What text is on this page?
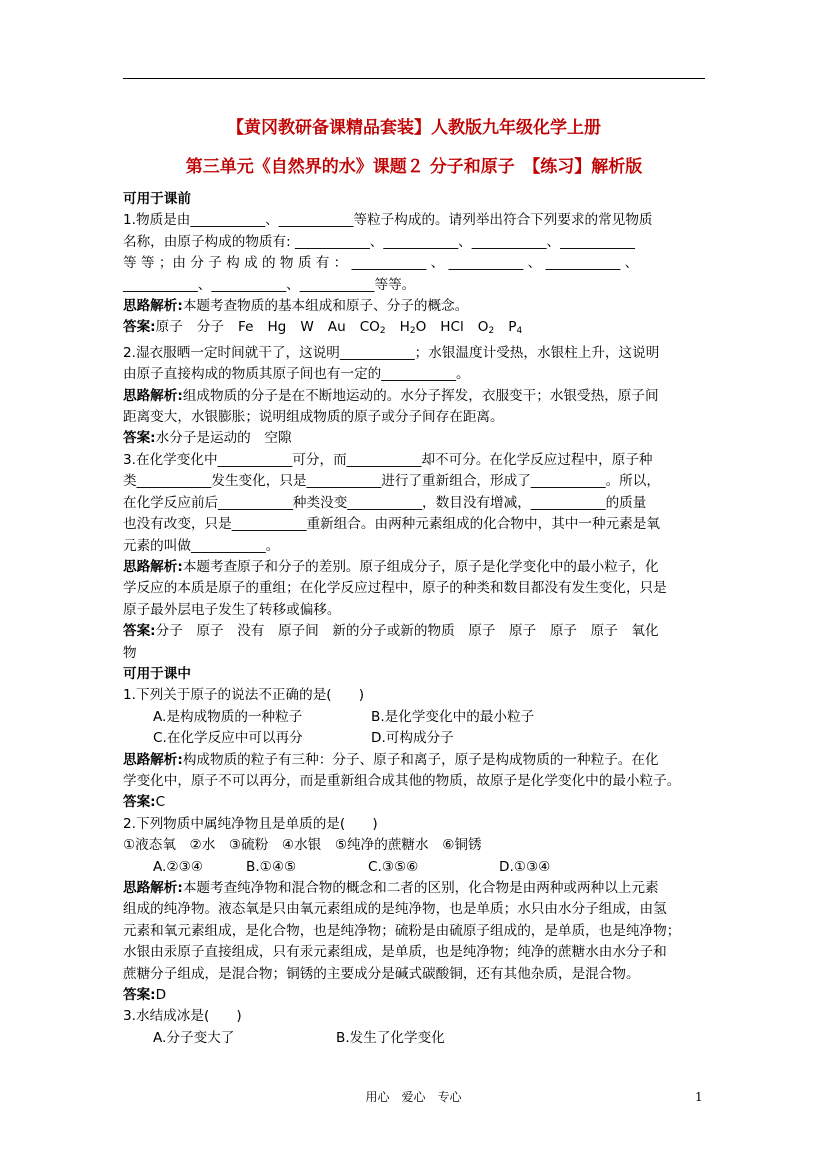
【黄冈教研备课精品套装】人教版九年级化学上册
第三单元《自然界的水》课题２ 分子和原子　【练习】解析版
可用于课前
1.物质是由___________、___________等粒子构成的。请列举出符合下列要求的常见物质
名称，由原子构成的物质有: ___________、___________、___________、___________
等 等 ；由 分 子 构 成 的 物 质 有 ： ___________ 、 ___________ 、 ___________ 、
___________、___________、___________等等。
思路解析:本题考查物质的基本组成和原子、分子的概念。
答案:原子 分子 Fe Hg W Au $CO_2$ $H_2O$ HCl $O_2$ $P_4$
2.湿衣服晒一定时间就干了，这说明___________；水银温度计受热，水银柱上升，这说明
由原子直接构成的物质其原子间也有一定的___________。
思路解析:组成物质的分子是在不断地运动的。水分子挥发，衣服变干；水银受热，原子间
距离变大，水银膨胀；说明组成物质的原子或分子间存在距离。
答案:水分子是运动的　空隙
3.在化学变化中___________可分，而___________却不可分。在化学反应过程中，原子种
类___________发生变化，只是___________进行了重新组合，形成了___________。所以，
在化学反应前后___________种类没变___________，数目没有增减，___________的质量
也没有改变，只是___________重新组合。由两种元素组成的化合物中，其中一种元素是氧
元素的叫做___________。
思路解析:本题考查原子和分子的差别。原子组成分子，原子是化学变化中的最小粒子，化
学反应的本质是原子的重组；在化学反应过程中，原子的种类和数目都没有发生变化，只是
原子最外层电子发生了转移或偏移。
答案:分子　原子　没有　原子间　新的分子或新的物质　原子　原子　原子　原子　氧化
物
可用于课中
1.下列关于原子的说法不正确的是(　　)
A.是构成物质的一种粒子	B.是化学变化中的最小粒子
C.在化学反应中可以再分	D.可构成分子
思路解析:构成物质的粒子有三种：分子、原子和离子，原子是构成物质的一种粒子。在化
学变化中，原子不可以再分，而是重新组合成其他的物质，故原子是化学变化中的最小粒子。
答案:C
2.下列物质中属纯净物且是单质的是(　　)
①液态氧　②水　③硫粉　④水银　⑤纯净的蔗糖水　⑥铜锈
A.②③④	B.①④⑤	C.③⑤⑥	D.①③④
思路解析:本题考查纯净物和混合物的概念和二者的区别，化合物是由两种或两种以上元素
组成的纯净物。液态氧是只由氧元素组成的是纯净物，也是单质；水只由水分子组成，由氢
元素和氧元素组成，是化合物，也是纯净物；硫粉是由硫原子组成的，是单质，也是纯净物；
水银由汞原子直接组成，只有汞元素组成，是单质，也是纯净物；纯净的蔗糖水由水分子和
蔗糖分子组成，是混合物；铜锈的主要成分是碱式碳酸铜，还有其他杂质，是混合物。
答案:D
3.水结成冰是(　　)
A.分子变大了	B.发生了化学变化
用心　爱心　专心	1
